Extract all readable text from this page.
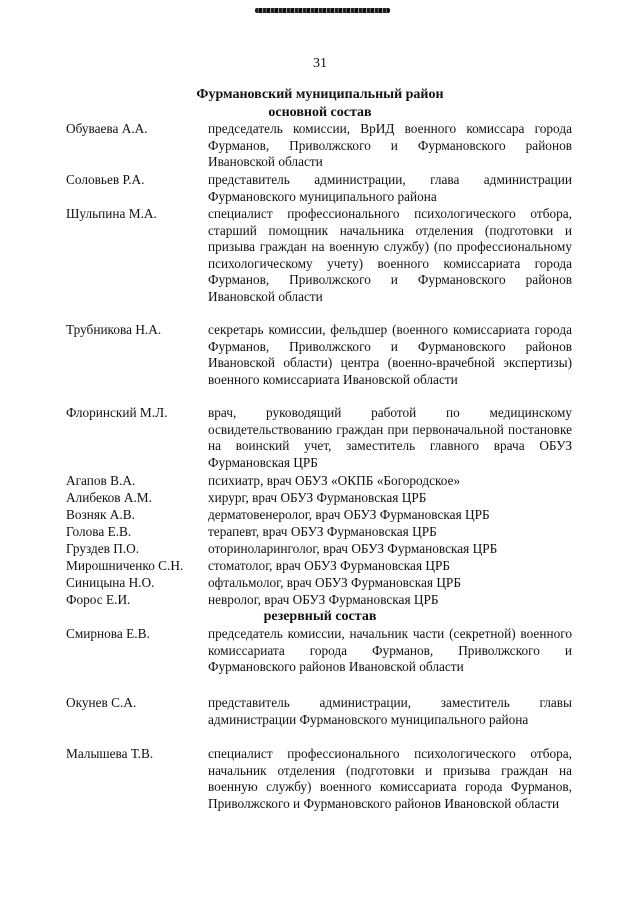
31
Фурмановский муниципальный район
основной состав
Обуваева А.А.	председатель комиссии, ВрИД военного комиссара города Фурманов, Приволжского и Фурмановского районов Ивановской области
Соловьев Р.А.	представитель администрации, глава администрации Фурмановского муниципального района
Шульпина М.А.	специалист профессионального психологического отбора, старший помощник начальника отделения (подготовки и призыва граждан на военную службу) (по профессиональному психологическому учету) военного комиссариата города Фурманов, Приволжского и Фурмановского районов Ивановской области
Трубникова Н.А.	секретарь комиссии, фельдшер (военного комиссариата города Фурманов, Приволжского и Фурмановского районов Ивановской области) центра (военно-врачебной экспертизы) военного комиссариата Ивановской области
Флоринский М.Л.	врач, руководящий работой по медицинскому освидетельствованию граждан при первоначальной постановке на воинский учет, заместитель главного врача ОБУЗ Фурмановская ЦРБ
Агапов В.А.	психиатр, врач ОБУЗ «ОКПБ «Богородское»
Алибеков А.М.	хирург, врач ОБУЗ Фурмановская ЦРБ
Возняк А.В.	дерматовенеролог, врач ОБУЗ Фурмановская ЦРБ
Голова Е.В.	терапевт, врач ОБУЗ Фурмановская ЦРБ
Груздев П.О.	оториноларинголог, врач ОБУЗ Фурмановская ЦРБ
Мирошниченко С.Н.	стоматолог, врач ОБУЗ Фурмановская ЦРБ
Синицына Н.О.	офтальмолог, врач ОБУЗ Фурмановская ЦРБ
Форос Е.И.	невролог, врач ОБУЗ Фурмановская ЦРБ
резервный состав
Смирнова Е.В.	председатель комиссии, начальник части (секретной) военного комиссариата города Фурманов, Приволжского и Фурмановского районов Ивановской области
Окунев С.А.	представитель администрации, заместитель главы администрации Фурмановского муниципального района
Малышева Т.В.	специалист профессионального психологического отбора, начальник отделения (подготовки и призыва граждан на военную службу) военного комиссариата города Фурманов, Приволжского и Фурмановского районов Ивановской области
